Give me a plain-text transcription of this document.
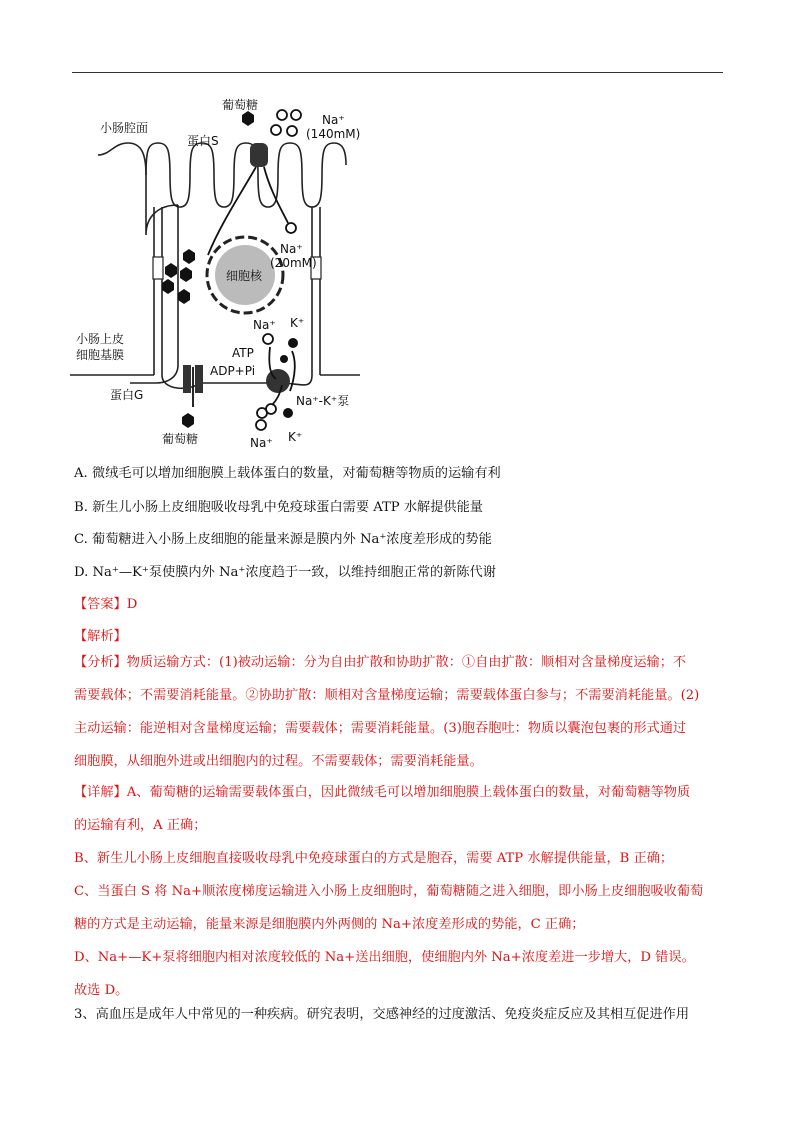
葡萄糖
小肠腔面
蛋白S
Na⁺
(140mM)
细胞核
Na⁺
(20mM)
小肠上皮
细胞基膜
Na⁺ K⁺
ATP
ADP+Pi
蛋白G	Na⁺-K⁺泵
葡萄糖	Na⁺ K⁺
A. 微绒毛可以增加细胞膜上载体蛋白的数量，对葡萄糖等物质的运输有利
B. 新生儿小肠上皮细胞吸收母乳中免疫球蛋白需要 ATP 水解提供能量
C. 葡萄糖进入小肠上皮细胞的能量来源是膜内外 Na⁺浓度差形成的势能
D. Na⁺—K⁺泵使膜内外 Na⁺浓度趋于一致，以维持细胞正常的新陈代谢
【答案】D
【解析】
【分析】物质运输方式：(1)被动运输：分为自由扩散和协助扩散：①自由扩散：顺相对含量梯度运输；不
需要载体；不需要消耗能量。②协助扩散：顺相对含量梯度运输；需要载体蛋白参与；不需要消耗能量。(2)
主动运输：能逆相对含量梯度运输；需要载体；需要消耗能量。(3)胞吞胞吐：物质以囊泡包裹的形式通过
细胞膜，从细胞外进或出细胞内的过程。不需要载体；需要消耗能量。
【详解】A、葡萄糖的运输需要载体蛋白，因此微绒毛可以增加细胞膜上载体蛋白的数量，对葡萄糖等物质
的运输有利，A 正确；
B、新生儿小肠上皮细胞直接吸收母乳中免疫球蛋白的方式是胞吞，需要 ATP 水解提供能量，B 正确；
C、当蛋白 S 将 Na+顺浓度梯度运输进入小肠上皮细胞时，葡萄糖随之进入细胞，即小肠上皮细胞吸收葡萄
糖的方式是主动运输，能量来源是细胞膜内外两侧的 Na+浓度差形成的势能，C 正确；
D、Na+—K+泵将细胞内相对浓度较低的 Na+送出细胞，使细胞内外 Na+浓度差进一步增大，D 错误。
故选 D。
3、高血压是成年人中常见的一种疾病。研究表明，交感神经的过度激活、免疫炎症反应及其相互促进作用
